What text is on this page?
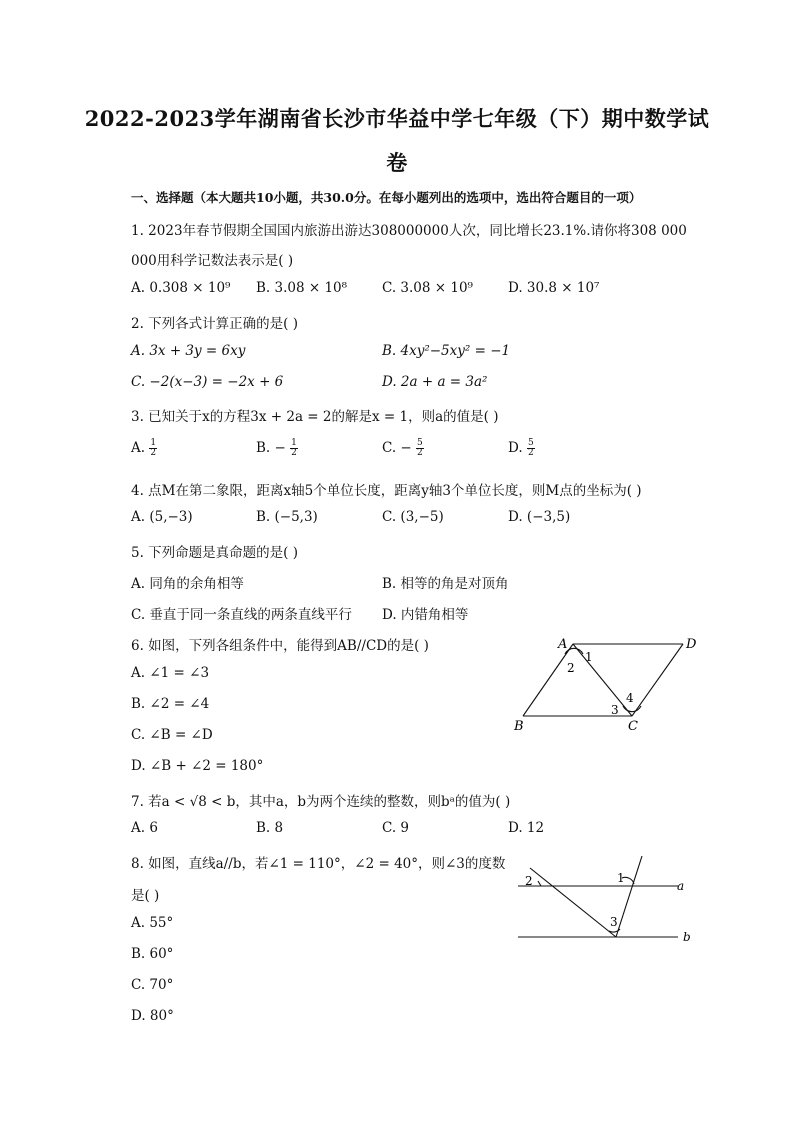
2022-2023学年湖南省长沙市华益中学七年级（下）期中数学试
卷
一、选择题（本大题共10小题，共30.0分。在每小题列出的选项中，选出符合题目的一项）
1. 2023年春节假期全国国内旅游出游达308000000人次，同比增长23.1%.请你将308 000
000用科学记数法表示是( )
A. 0.308 × 10⁹ B. 3.08 × 10⁸	C. 3.08 × 10⁹	D. 30.8 × 10⁷
2. 下列各式计算正确的是( )
A. 3x + 3y = 6xy	B. 4xy²−5xy² = −1
C. −2(x−3) = −2x + 6	D. 2a + a = 3a²
3. 已知关于x的方程3x + 2a = 2的解是x = 1，则a的值是( )
A. $\frac{1}{2}$	B. − $\frac{1}{2}$	C. − $\frac{5}{2}$	D. $\frac{5}{2}$
4. 点M在第二象限，距离x轴5个单位长度，距离y轴3个单位长度，则M点的坐标为( )
A. (5,−3)	B. (−5,3)	C. (3,−5)	D. (−3,5)
5. 下列命题是真命题的是( )
A. 同角的余角相等	B. 相等的角是对顶角
C. 垂直于同一条直线的两条直线平行 D. 内错角相等
6. 如图，下列各组条件中，能得到AB//CD的是( )
A. ∠1 = ∠3
B. ∠2 = ∠4
C. ∠B = ∠D
D. ∠B + ∠2 = 180°
A	D
B	C
1
2
3
4
7. 若a < √8 < b，其中a，b为两个连续的整数，则bᵃ的值为( )
A. 6	B. 8	C. 9	D. 12
8. 如图，直线a//b，若∠1 = 110°，∠2 = 40°，则∠3的度数
是( )
A. 55°
B. 60°
C. 70°
D. 80°
2	1
3
a
b
